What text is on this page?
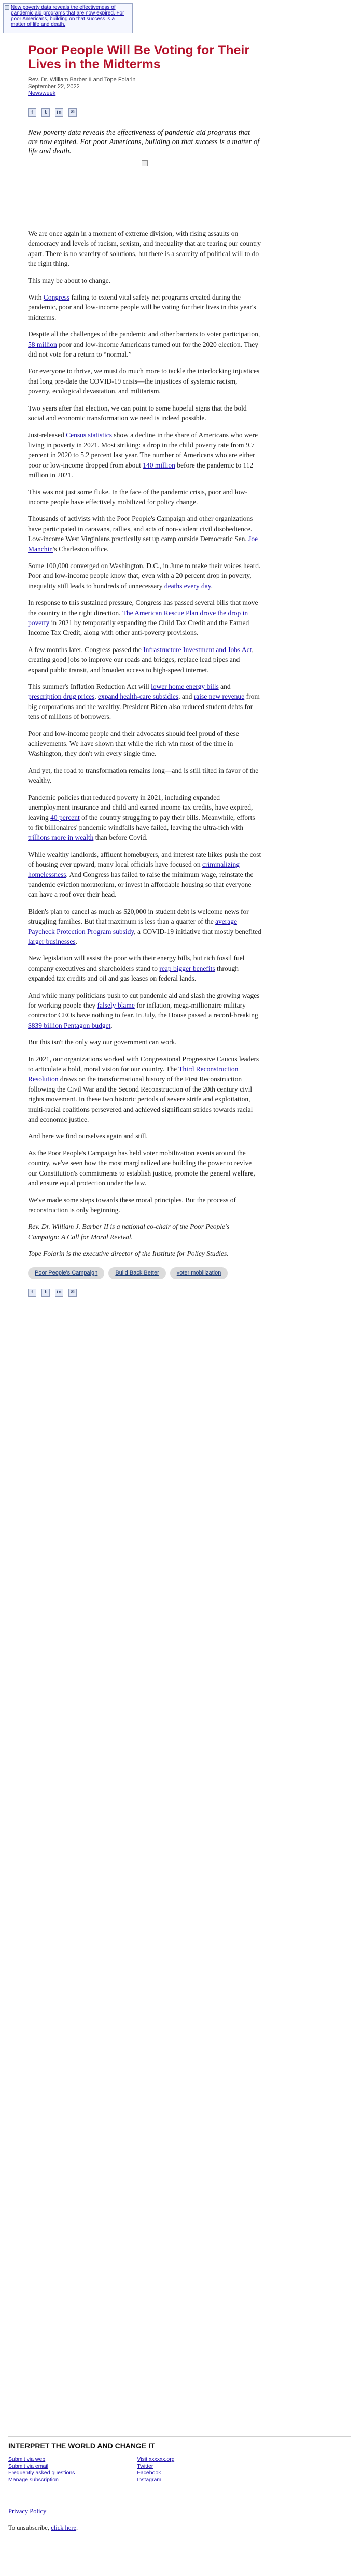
New poverty data reveals the effectiveness of pandemic aid programs that are now expired. For poor Americans, building on that success is a matter of life and death.
Poor People Will Be Voting for Their Lives in the Midterms
Rev. Dr. William Barber II and Tope Folarin
September 22, 2022
Newsweek
f	t	in	✉
New poverty data reveals the effectiveness of pandemic aid programs that are now expired. For poor Americans, building on that success is a matter of life and death.

We are once again in a moment of extreme division, with rising assaults on democracy and levels of racism, sexism, and inequality that are tearing our country apart. There is no scarcity of solutions, but there is a scarcity of political will to do the right thing.

This may be about to change.

With Congress failing to extend vital safety net programs created during the pandemic, poor and low-income people will be voting for their lives in this year's midterms.

Despite all the challenges of the pandemic and other barriers to voter participation, 58 million poor and low-income Americans turned out for the 2020 election. They did not vote for a return to “normal.”

For everyone to thrive, we must do much more to tackle the interlocking injustices that long pre-date the COVID-19 crisis—the injustices of systemic racism, poverty, ecological devastation, and militarism.

Two years after that election, we can point to some hopeful signs that the bold social and economic transformation we need is indeed possible.

Just-released Census statistics show a decline in the share of Americans who were living in poverty in 2021. Most striking: a drop in the child poverty rate from 9.7 percent in 2020 to 5.2 percent last year. The number of Americans who are either poor or low-income dropped from about 140 million before the pandemic to 112 million in 2021.

This was not just some fluke. In the face of the pandemic crisis, poor and low-income people have effectively mobilized for policy change.

Thousands of activists with the Poor People's Campaign and other organizations have participated in caravans, rallies, and acts of non-violent civil disobedience. Low-income West Virginians practically set up camp outside Democratic Sen. Joe Manchin's Charleston office.

Some 100,000 converged on Washington, D.C., in June to make their voices heard. Poor and low-income people know that, even with a 20 percent drop in poverty, inequality still leads to hundreds of unnecessary deaths every day.

In response to this sustained pressure, Congress has passed several bills that move the country in the right direction. The American Rescue Plan drove the drop in poverty in 2021 by temporarily expanding the Child Tax Credit and the Earned Income Tax Credit, along with other anti-poverty provisions.

A few months later, Congress passed the Infrastructure Investment and Jobs Act, creating good jobs to improve our roads and bridges, replace lead pipes and expand public transit, and broaden access to high-speed internet.

This summer's Inflation Reduction Act will lower home energy bills and prescription drug prices, expand health-care subsidies, and raise new revenue from big corporations and the wealthy. President Biden also reduced student debts for tens of millions of borrowers.

Poor and low-income people and their advocates should feel proud of these achievements. We have shown that while the rich win most of the time in Washington, they don't win every single time.

And yet, the road to transformation remains long—and is still tilted in favor of the wealthy.

Pandemic policies that reduced poverty in 2021, including expanded unemployment insurance and child and earned income tax credits, have expired, leaving 40 percent of the country struggling to pay their bills. Meanwhile, efforts to fix billionaires' pandemic windfalls have failed, leaving the ultra-rich with trillions more in wealth than before Covid.

While wealthy landlords, affluent homebuyers, and interest rate hikes push the cost of housing ever upward, many local officials have focused on criminalizing homelessness. And Congress has failed to raise the minimum wage, reinstate the pandemic eviction moratorium, or invest in affordable housing so that everyone can have a roof over their head.

Biden's plan to cancel as much as $20,000 in student debt is welcome news for struggling families. But that maximum is less than a quarter of the average Paycheck Protection Program subsidy, a COVID-19 initiative that mostly benefited larger businesses.

New legislation will assist the poor with their energy bills, but rich fossil fuel company executives and shareholders stand to reap bigger benefits through expanded tax credits and oil and gas leases on federal lands.

And while many politicians push to cut pandemic aid and slash the growing wages for working people they falsely blame for inflation, mega-millionaire military contractor CEOs have nothing to fear. In July, the House passed a record-breaking $839 billion Pentagon budget.

But this isn't the only way our government can work.

In 2021, our organizations worked with Congressional Progressive Caucus leaders to articulate a bold, moral vision for our country. The Third Reconstruction Resolution draws on the transformational history of the First Reconstruction following the Civil War and the Second Reconstruction of the 20th century civil rights movement. In these two historic periods of severe strife and exploitation, multi-racial coalitions persevered and achieved significant strides towards racial and economic justice.

And here we find ourselves again and still.

As the Poor People's Campaign has held voter mobilization events around the country, we've seen how the most marginalized are building the power to revive our Constitution's commitments to establish justice, promote the general welfare, and ensure equal protection under the law.

We've made some steps towards these moral principles. But the process of reconstruction is only beginning.

Rev. Dr. William J. Barber II is a national co-chair of the Poor People's Campaign: A Call for Moral Revival.

Tope Folarin is the executive director of the Institute for Policy Studies.

Poor People's Campaign	Build Back Better	voter mobilization
f	t	in	✉
INTERPRET THE WORLD AND CHANGE IT
Submit via web
Submit via email
Frequently asked questions
Manage subscription
Visit xxxxxx.org
Twitter
Facebook
Instagram
Privacy Policy
To unsubscribe, click here.
